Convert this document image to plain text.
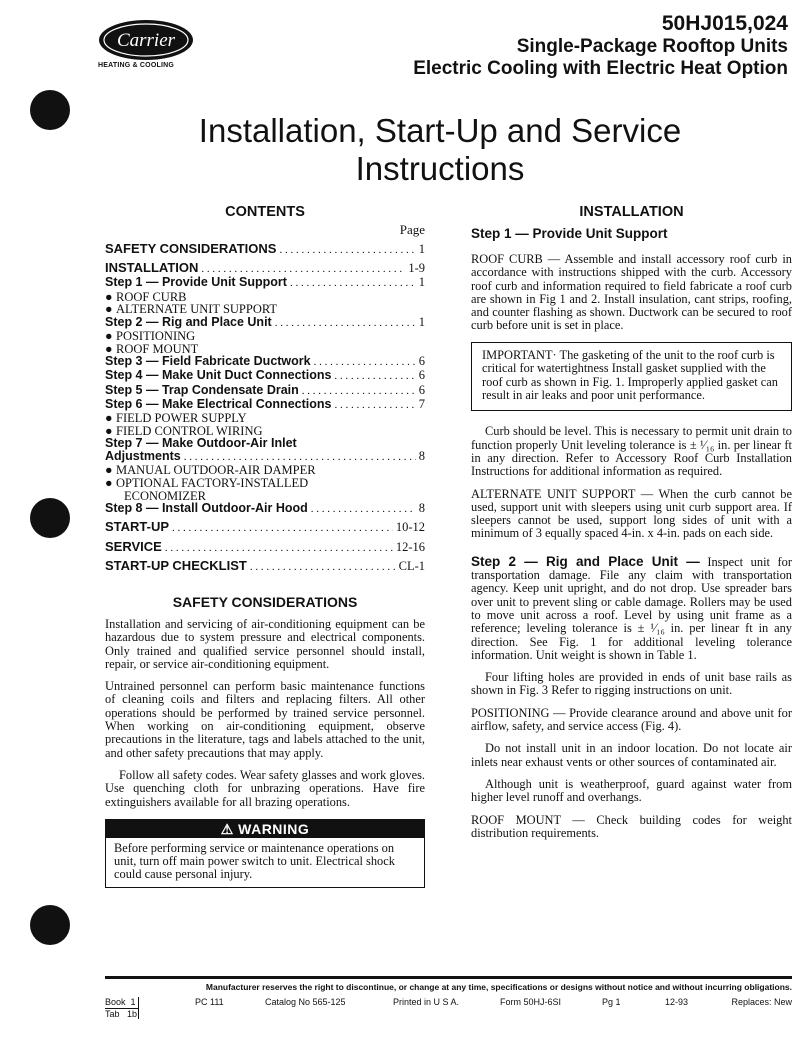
Carrier
HEATING & COOLING
50HJ015,024
Single-Package Rooftop Units
Electric Cooling with Electric Heat Option
Installation, Start-Up and Service
Instructions
CONTENTS
Page
SAFETY CONSIDERATIONS . . .	1
INSTALLATION . . .	1-9
Step 1 — Provide Unit Support . . .	1
● ROOF CURB
● ALTERNATE UNIT SUPPORT
Step 2 — Rig and Place Unit . . .	1
● POSITIONING
● ROOF MOUNT
Step 3 — Field Fabricate Ductwork . . .	6
Step 4 — Make Unit Duct Connections . . .	6
Step 5 — Trap Condensate Drain . . .	6
Step 6 — Make Electrical Connections . . .	7
● FIELD POWER SUPPLY
● FIELD CONTROL WIRING
Step 7 — Make Outdoor-Air Inlet
Adjustments . . .	8
● MANUAL OUTDOOR-AIR DAMPER
● OPTIONAL FACTORY-INSTALLED
ECONOMIZER
Step 8 — Install Outdoor-Air Hood . . .	8
START-UP . . .	10-12
SERVICE . . .	12-16
START-UP CHECKLIST . . .	CL-1
SAFETY CONSIDERATIONS

Installation and servicing of air-conditioning equipment can be hazardous due to system pressure and electrical components. Only trained and qualified service personnel should install, repair, or service air-conditioning equipment.

Untrained personnel can perform basic maintenance functions of cleaning coils and filters and replacing filters. All other operations should be performed by trained service personnel. When working on air-conditioning equipment, observe precautions in the literature, tags and labels attached to the unit, and other safety precautions that may apply.

Follow all safety codes. Wear safety glasses and work gloves. Use quenching cloth for unbrazing operations. Have fire extinguishers available for all brazing operations.

⚠ WARNING
Before performing service or maintenance operations on unit, turn off main power switch to unit. Electrical shock could cause personal injury.
INSTALLATION
Step 1 — Provide Unit Support

ROOF CURB — Assemble and install accessory roof curb in accordance with instructions shipped with the curb. Accessory roof curb and information required to field fabricate a roof curb are shown in Fig 1 and 2. Install insulation, cant strips, roofing, and counter flashing as shown. Ductwork can be secured to roof curb before unit is set in place.

IMPORTANT· The gasketing of the unit to the roof curb is critical for watertightness Install gasket supplied with the roof curb as shown in Fig. 1. Improperly applied gasket can result in air leaks and poor unit performance.

Curb should be level. This is necessary to permit unit drain to function properly Unit leveling tolerance is ± ¹⁄₁₆ in. per linear ft in any direction. Refer to Accessory Roof Curb Installation Instructions for additional information as required.

ALTERNATE UNIT SUPPORT — When the curb cannot be used, support unit with sleepers using unit curb support area. If sleepers cannot be used, support long sides of unit with a minimum of 3 equally spaced 4-in. x 4-in. pads on each side.

Step 2 — Rig and Place Unit — Inspect unit for transportation damage. File any claim with transportation agency. Keep unit upright, and do not drop. Use spreader bars over unit to prevent sling or cable damage. Rollers may be used to move unit across a roof. Level by using unit frame as a reference; leveling tolerance is ± ¹⁄₁₆ in. per linear ft in any direction. See Fig. 1 for additional leveling tolerance information. Unit weight is shown in Table 1.

Four lifting holes are provided in ends of unit base rails as shown in Fig. 3 Refer to rigging instructions on unit.

POSITIONING — Provide clearance around and above unit for airflow, safety, and service access (Fig. 4).

Do not install unit in an indoor location. Do not locate air inlets near exhaust vents or other sources of contaminated air.

Although unit is weatherproof, guard against water from higher level runoff and overhangs.

ROOF MOUNT — Check building codes for weight distribution requirements.

Manufacturer reserves the right to discontinue, or change at any time, specifications or designs without notice and without incurring obligations.
Book 1
Tab 1b
PC 111	Catalog No 565-125	Printed in U S A.	Form 50HJ-6SI	Pg 1	12-93	Replaces: New
